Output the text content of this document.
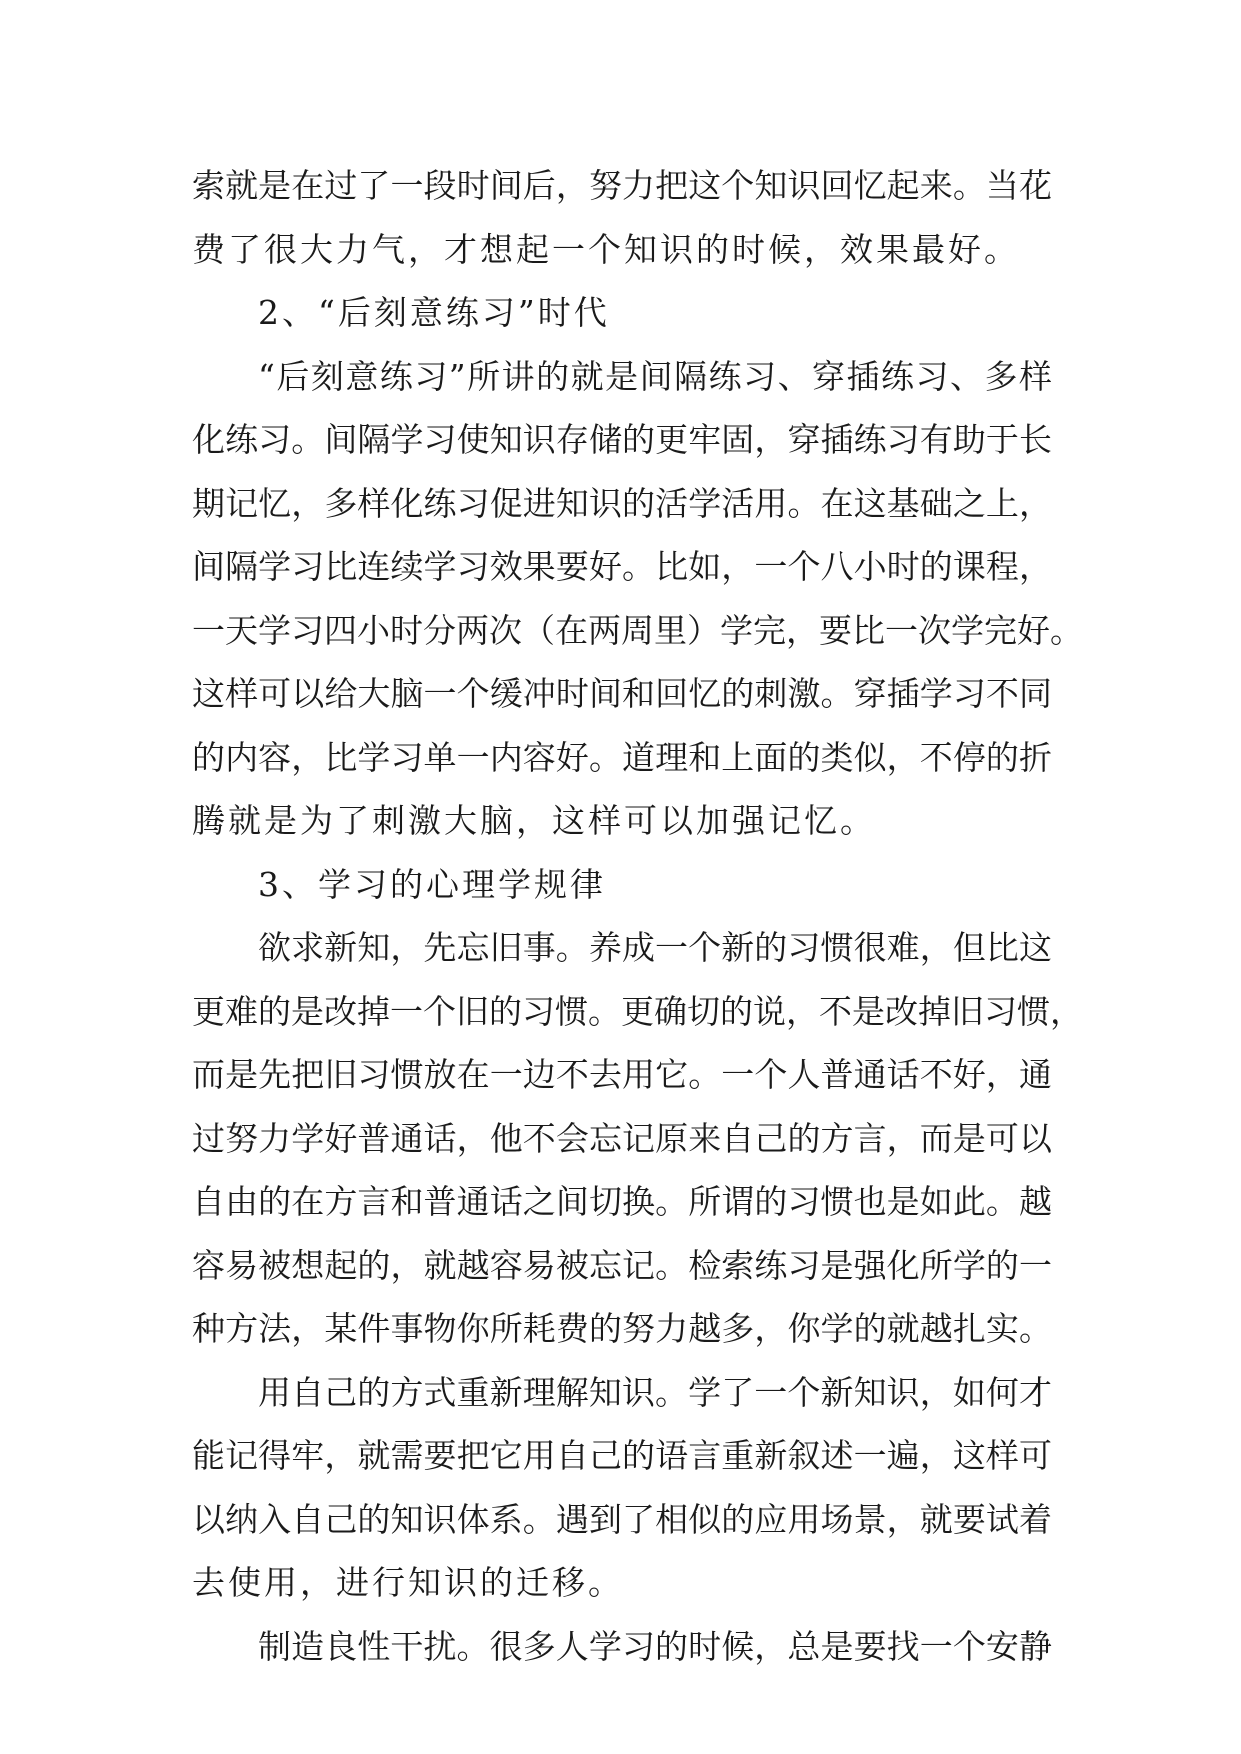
索就是在过了一段时间后，努力把这个知识回忆起来。当花
费了很大力气，才想起一个知识的时候，效果最好。
2、“后刻意练习”时代
“后刻意练习”所讲的就是间隔练习、穿插练习、多样
化练习。间隔学习使知识存储的更牢固，穿插练习有助于长
期记忆，多样化练习促进知识的活学活用。在这基础之上，
间隔学习比连续学习效果要好。比如，一个八小时的课程，
一天学习四小时分两次（在两周里）学完，要比一次学完好。
这样可以给大脑一个缓冲时间和回忆的刺激。穿插学习不同
的内容，比学习单一内容好。道理和上面的类似，不停的折
腾就是为了刺激大脑，这样可以加强记忆。
3、学习的心理学规律
欲求新知，先忘旧事。养成一个新的习惯很难，但比这
更难的是改掉一个旧的习惯。更确切的说，不是改掉旧习惯，
而是先把旧习惯放在一边不去用它。一个人普通话不好，通
过努力学好普通话，他不会忘记原来自己的方言，而是可以
自由的在方言和普通话之间切换。所谓的习惯也是如此。越
容易被想起的，就越容易被忘记。检索练习是强化所学的一
种方法，某件事物你所耗费的努力越多，你学的就越扎实。
用自己的方式重新理解知识。学了一个新知识，如何才
能记得牢，就需要把它用自己的语言重新叙述一遍，这样可
以纳入自己的知识体系。遇到了相似的应用场景，就要试着
去使用，进行知识的迁移。
制造良性干扰。很多人学习的时候，总是要找一个安静
